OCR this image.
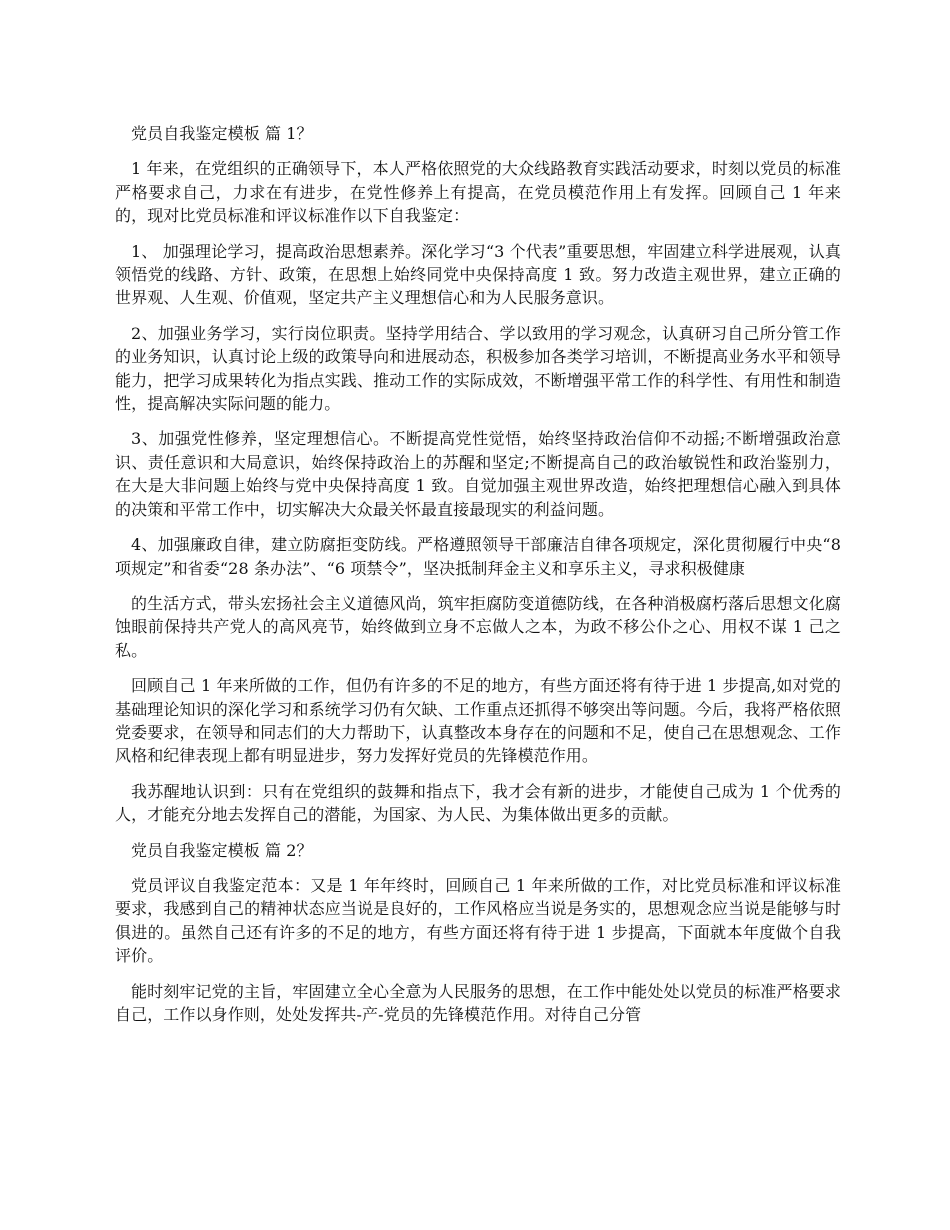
党员自我鉴定模板 篇 1？

1 年来，在党组织的正确领导下，本人严格依照党的大众线路教育实践活动要求，时刻以党员的标准严格要求自己，力求在有进步，在党性修养上有提高，在党员模范作用上有发挥。回顾自己 1 年来的，现对比党员标准和评议标准作以下自我鉴定：

1、 加强理论学习，提高政治思想素养。深化学习“3 个代表”重要思想，牢固建立科学进展观，认真领悟党的线路、方针、政策，在思想上始终同党中央保持高度 1 致。努力改造主观世界，建立正确的世界观、人生观、价值观，坚定共产主义理想信心和为人民服务意识。

2、加强业务学习，实行岗位职责。坚持学用结合、学以致用的学习观念，认真研习自己所分管工作的业务知识，认真讨论上级的政策导向和进展动态，积极参加各类学习培训，不断提高业务水平和领导能力，把学习成果转化为指点实践、推动工作的实际成效，不断增强平常工作的科学性、有用性和制造性，提高解决实际问题的能力。

3、加强党性修养，坚定理想信心。不断提高党性觉悟，始终坚持政治信仰不动摇;不断增强政治意识、责任意识和大局意识，始终保持政治上的苏醒和坚定;不断提高自己的政治敏锐性和政治鉴别力，在大是大非问题上始终与党中央保持高度 1 致。自觉加强主观世界改造，始终把理想信心融入到具体的决策和平常工作中，切实解决大众最关怀最直接最现实的利益问题。

4、加强廉政自律，建立防腐拒变防线。严格遵照领导干部廉洁自律各项规定，深化贯彻履行中央“8 项规定”和省委“28 条办法”、“6 项禁令”，坚决抵制拜金主义和享乐主义，寻求积极健康

的生活方式，带头宏扬社会主义道德风尚，筑牢拒腐防变道德防线，在各种消极腐朽落后思想文化腐蚀眼前保持共产党人的高风亮节，始终做到立身不忘做人之本，为政不移公仆之心、用权不谋 1 己之私。

回顾自己 1 年来所做的工作，但仍有许多的不足的地方，有些方面还将有待于进 1 步提高,如对党的基础理论知识的深化学习和系统学习仍有欠缺、工作重点还抓得不够突出等问题。今后，我将严格依照党委要求，在领导和同志们的大力帮助下，认真整改本身存在的问题和不足，使自己在思想观念、工作风格和纪律表现上都有明显进步，努力发挥好党员的先锋模范作用。

我苏醒地认识到：只有在党组织的鼓舞和指点下，我才会有新的进步，才能使自己成为 1 个优秀的人，才能充分地去发挥自己的潜能，为国家、为人民、为集体做出更多的贡献。

党员自我鉴定模板 篇 2？

党员评议自我鉴定范本：又是 1 年年终时，回顾自己 1 年来所做的工作，对比党员标准和评议标准要求，我感到自己的精神状态应当说是良好的，工作风格应当说是务实的，思想观念应当说是能够与时俱进的。虽然自己还有许多的不足的地方，有些方面还将有待于进 1 步提高，下面就本年度做个自我评价。

能时刻牢记党的主旨，牢固建立全心全意为人民服务的思想，在工作中能处处以党员的标准严格要求自己，工作以身作则，处处发挥共-产-党员的先锋模范作用。对待自己分管
